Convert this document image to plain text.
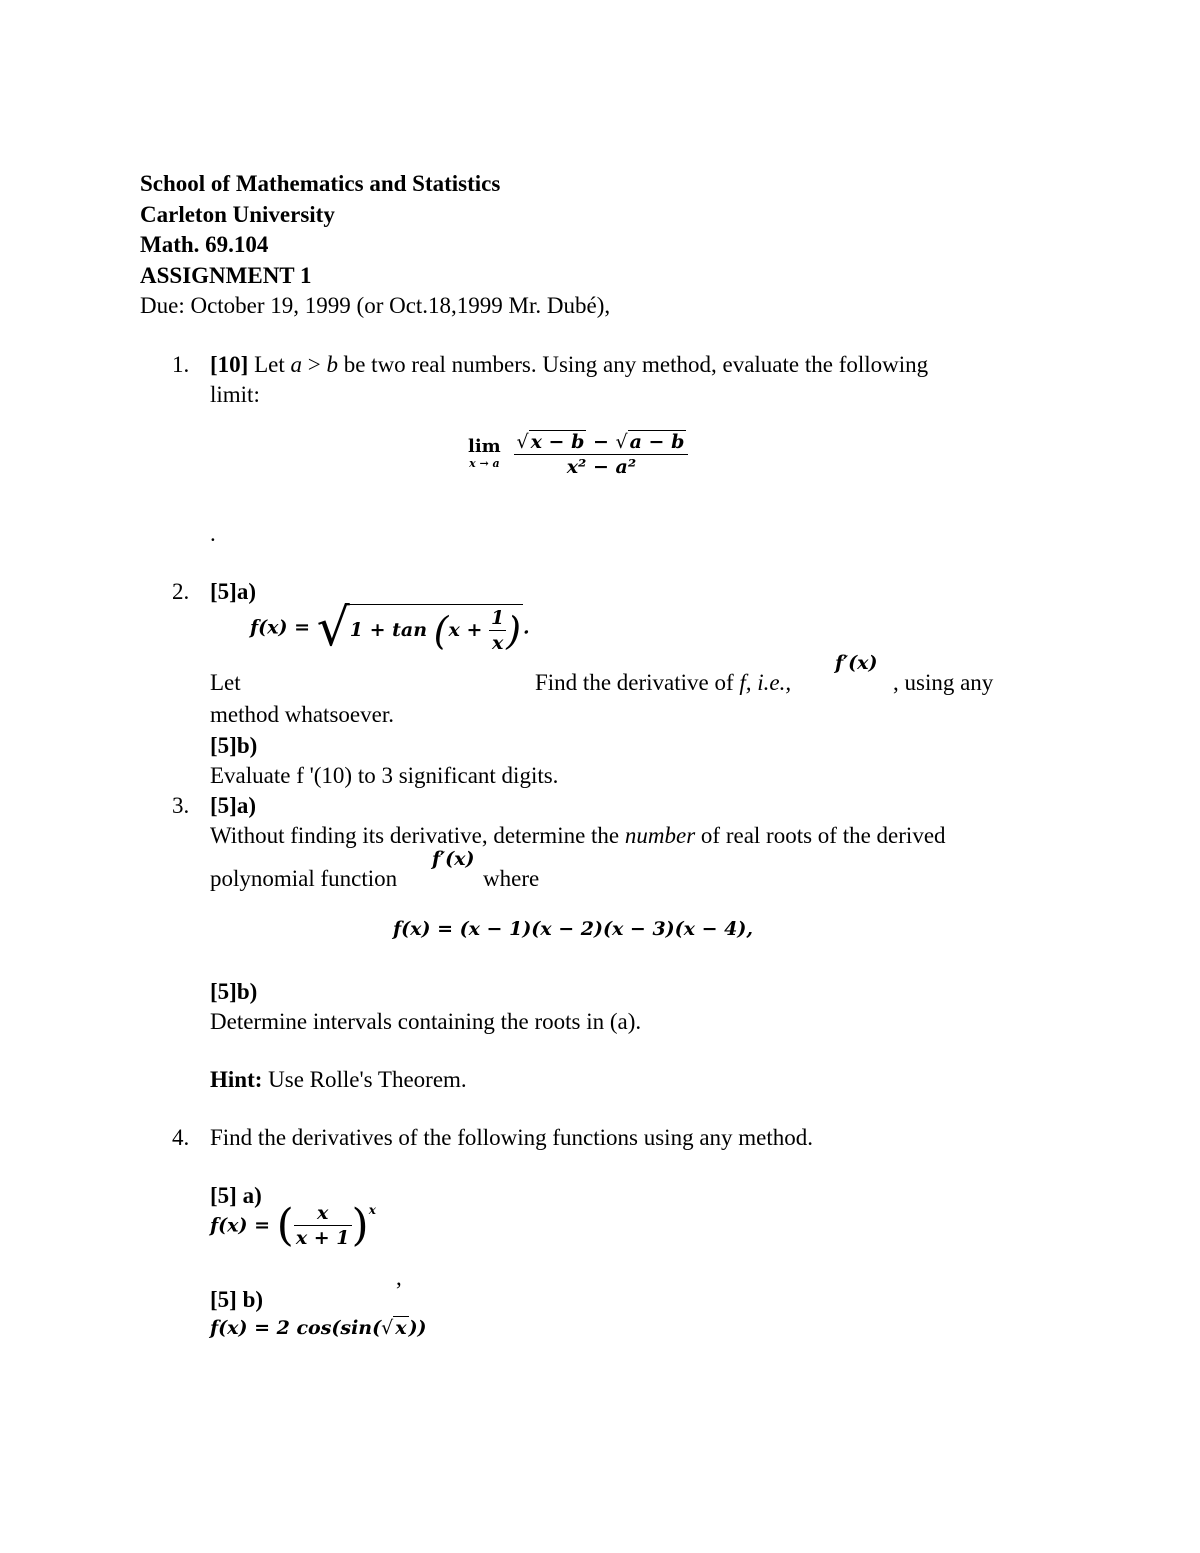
School of Mathematics and Statistics
Carleton University
Math. 69.104
ASSIGNMENT 1
Due: October 19, 1999 (or Oct.18,1999 Mr. Dubé),
1. [10] Let a > b be two real numbers. Using any method, evaluate the following
limit:
lim
x → a
$\frac{√ x - b - √ a - b}{\text{x² − a²}}$
.
2. [5]a)
$f(x) = √1 + \tan (x + \frac{1}{x}$ ) .
Let	Find the derivative of f, i.e.,
f′(x)
, using any
method whatsoever.
[5]b)
Evaluate f '(10) to 3 significant digits.
3. [5]a)
Without finding its derivative, determine the number of real roots of the derived
polynomial function
f′(x)
where
f(x) = (x − 1)(x − 2)(x − 3)(x − 4),
[5]b)
Determine intervals containing the roots in (a).
Hint: Use Rolle's Theorem.
4. Find the derivatives of the following functions using any method.
[5] a)
f(x) = ( $\frac{x}{x + 1} )^x$
,
[5] b)
f(x) = 2 cos(sin(√ x ))
